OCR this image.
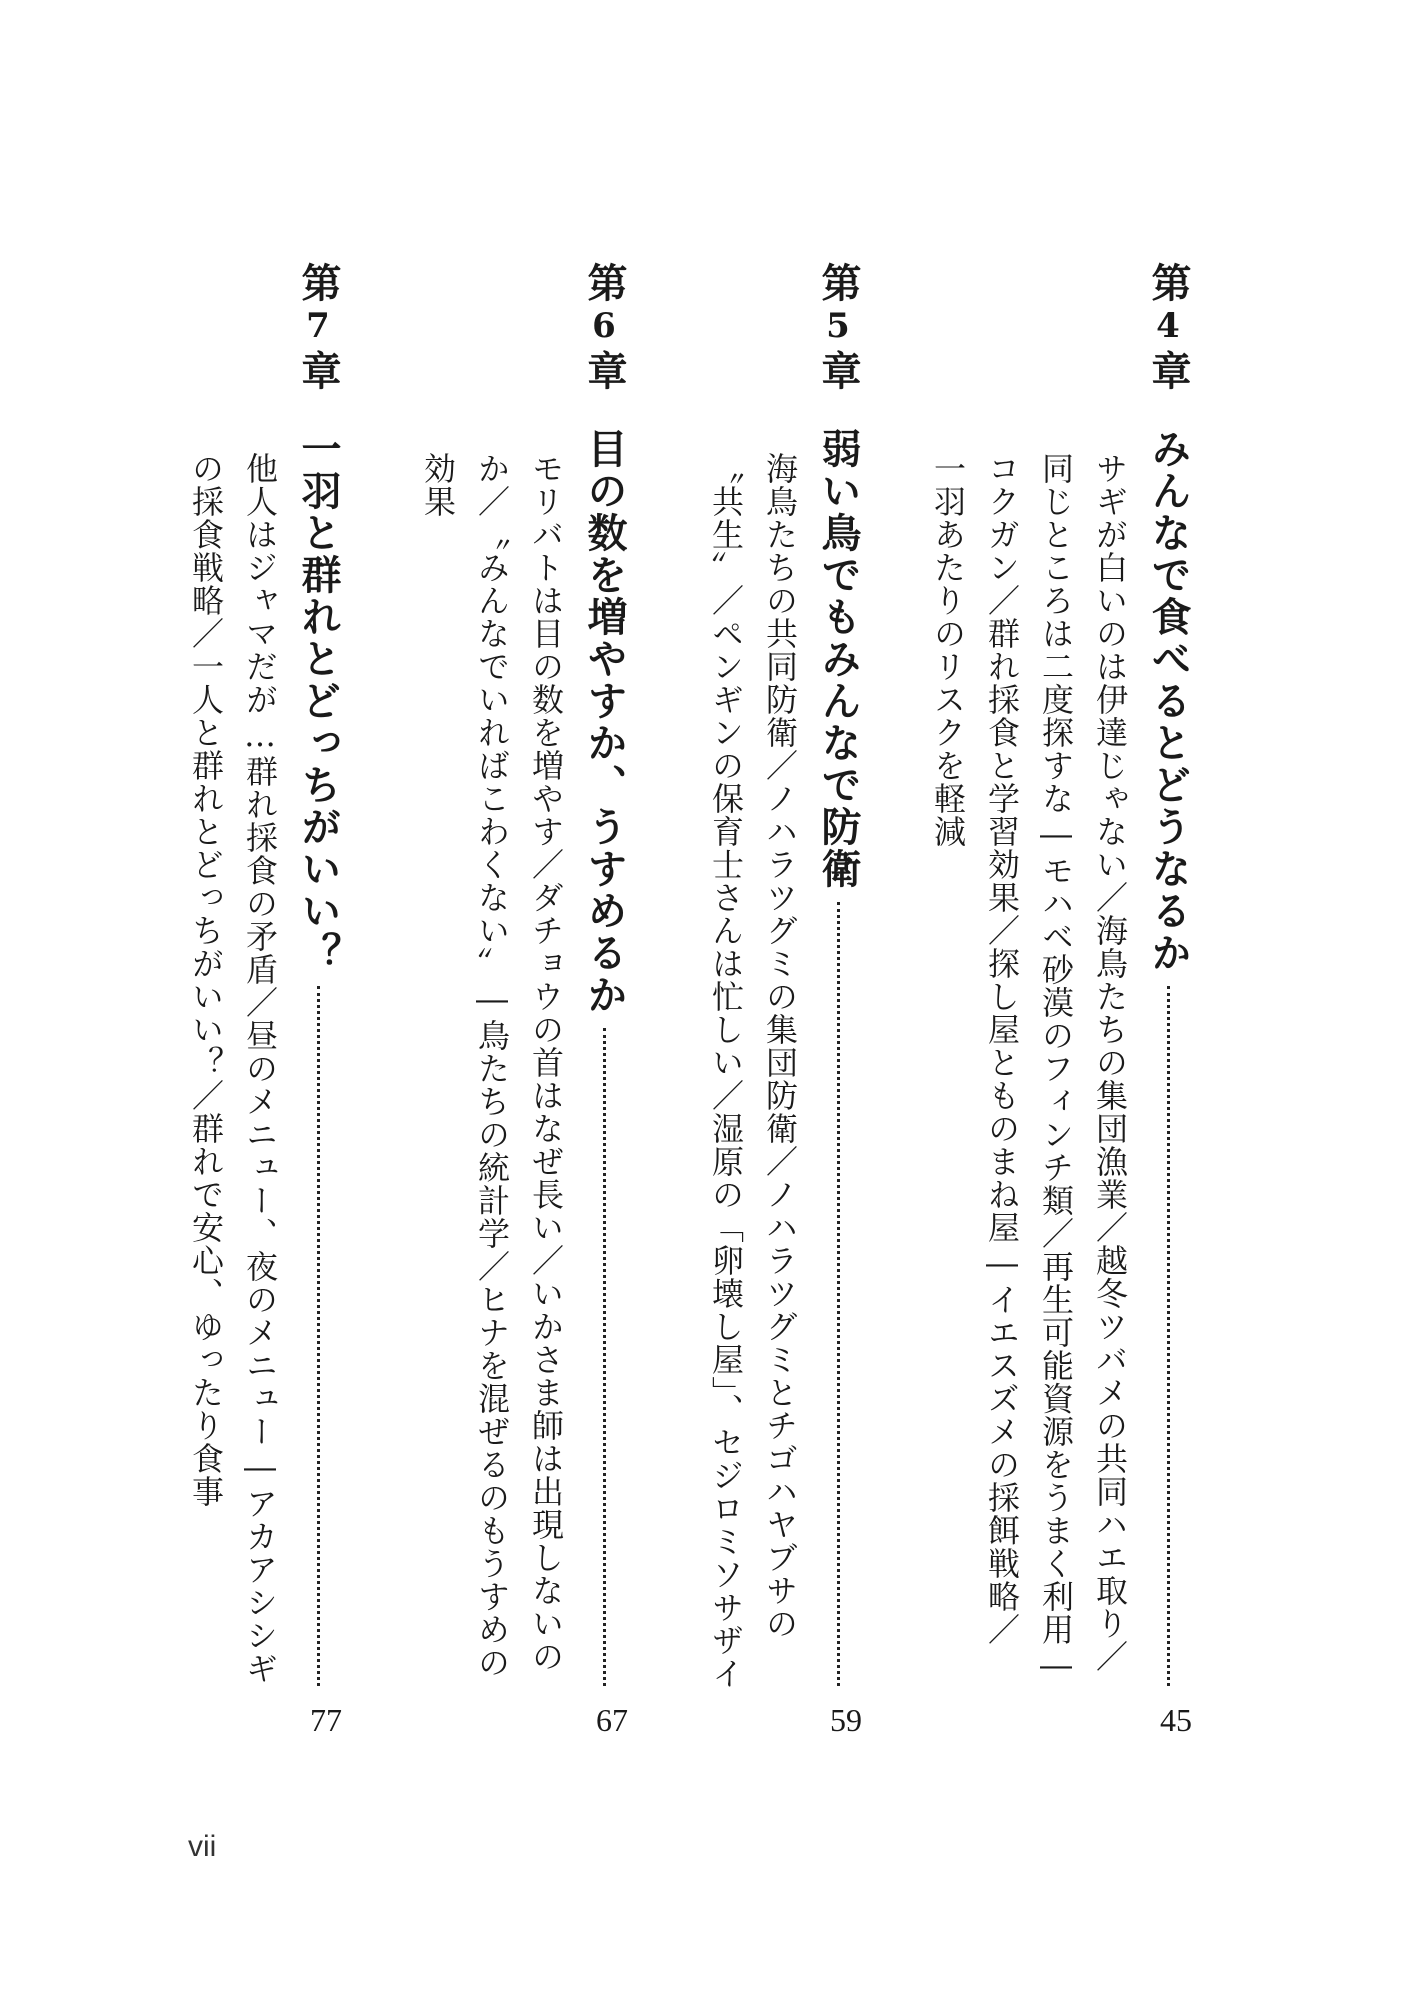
第4章
みんなで食べるとどうなるか
45
サギが白いのは伊達じゃない／海鳥たちの集団漁業／越冬ツバメの共同ハエ取り／
同じところは二度探すな―モハベ砂漠のフィンチ類／再生可能資源をうまく利用―
コクガン／群れ採食と学習効果／探し屋とものまね屋―イエスズメの採餌戦略／
一羽あたりのリスクを軽減
第5章
弱い鳥でもみんなで防衛
59
海鳥たちの共同防衛／ノハラツグミの集団防衛／ノハラツグミとチゴハヤブサの
〝共生〟／ペンギンの保育士さんは忙しい／湿原の「卵壊し屋」、セジロミソサザイ
第6章
目の数を増やすか、うすめるか
67
モリバトは目の数を増やす／ダチョウの首はなぜ長い／いかさま師は出現しないの
か／〝みんなでいればこわくない〟―鳥たちの統計学／ヒナを混ぜるのもうすめの
効果
第7章
一羽と群れとどっちがいい？
77
他人はジャマだが…群れ採食の矛盾／昼のメニュー、夜のメニュー―アカアシシギ
の採食戦略／一人と群れとどっちがいい？／群れで安心、ゆったり食事
vii
